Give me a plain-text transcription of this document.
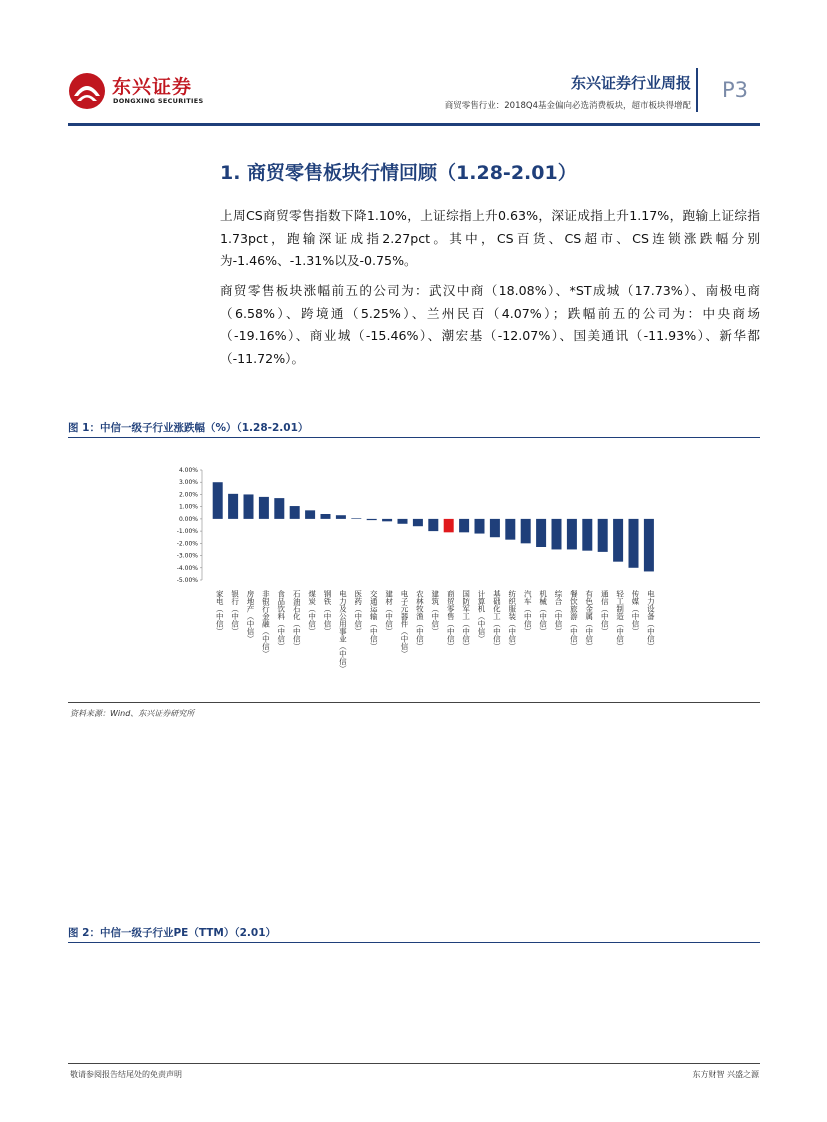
东兴证券
DONGXING SECURITIES
东兴证券行业周报
商贸零售行业：2018Q4基金偏向必选消费板块，超市板块得增配
P3
1. 商贸零售板块行情回顾（1.28-2.01）
上周CS商贸零售指数下降1.10%，上证综指上升0.63%，深证成指上升1.17%，跑输上证综指1.73pct，跑输深证成指2.27pct。其中，CS百货、CS超市、CS连锁涨跌幅分别为-1.46%、-1.31%以及-0.75%。
商贸零售板块涨幅前五的公司为：武汉中商（18.08%）、*ST成城（17.73%）、南极电商（6.58%）、跨境通（5.25%）、兰州民百（4.07%）；跌幅前五的公司为：中央商场（-19.16%）、商业城（-15.46%）、潮宏基（-12.07%）、国美通讯（-11.93%）、新华都（-11.72%）。
图 1：中信一级子行业涨跌幅（%）（1.28-2.01）
4.00%
3.00%
2.00%
1.00%
0.00%
-1.00%
-2.00%
-3.00%
-4.00%
-5.00%
家电（中信） 银行（中信） 房地产（中信） 非银行金融（中信） 食品饮料（中信） 石油石化（中信） 煤炭（中信） 钢铁（中信） 电力及公用事业（中信） 医药（中信） 交通运输（中信） 建材（中信） 电子元器件（中信） 农林牧渔（中信） 建筑（中信） 商贸零售（中信） 国防军工（中信） 计算机（中信） 基础化工（中信） 纺织服装（中信） 汽车（中信） 机械（中信） 综合（中信） 餐饮旅游（中信） 有色金属（中信） 通信（中信） 轻工制造（中信） 传媒（中信） 电力设备（中信）
资料来源：Wind、东兴证券研究所
图 2：中信一级子行业PE（TTM）（2.01）
敬请参阅报告结尾处的免责声明	东方财智 兴盛之源
